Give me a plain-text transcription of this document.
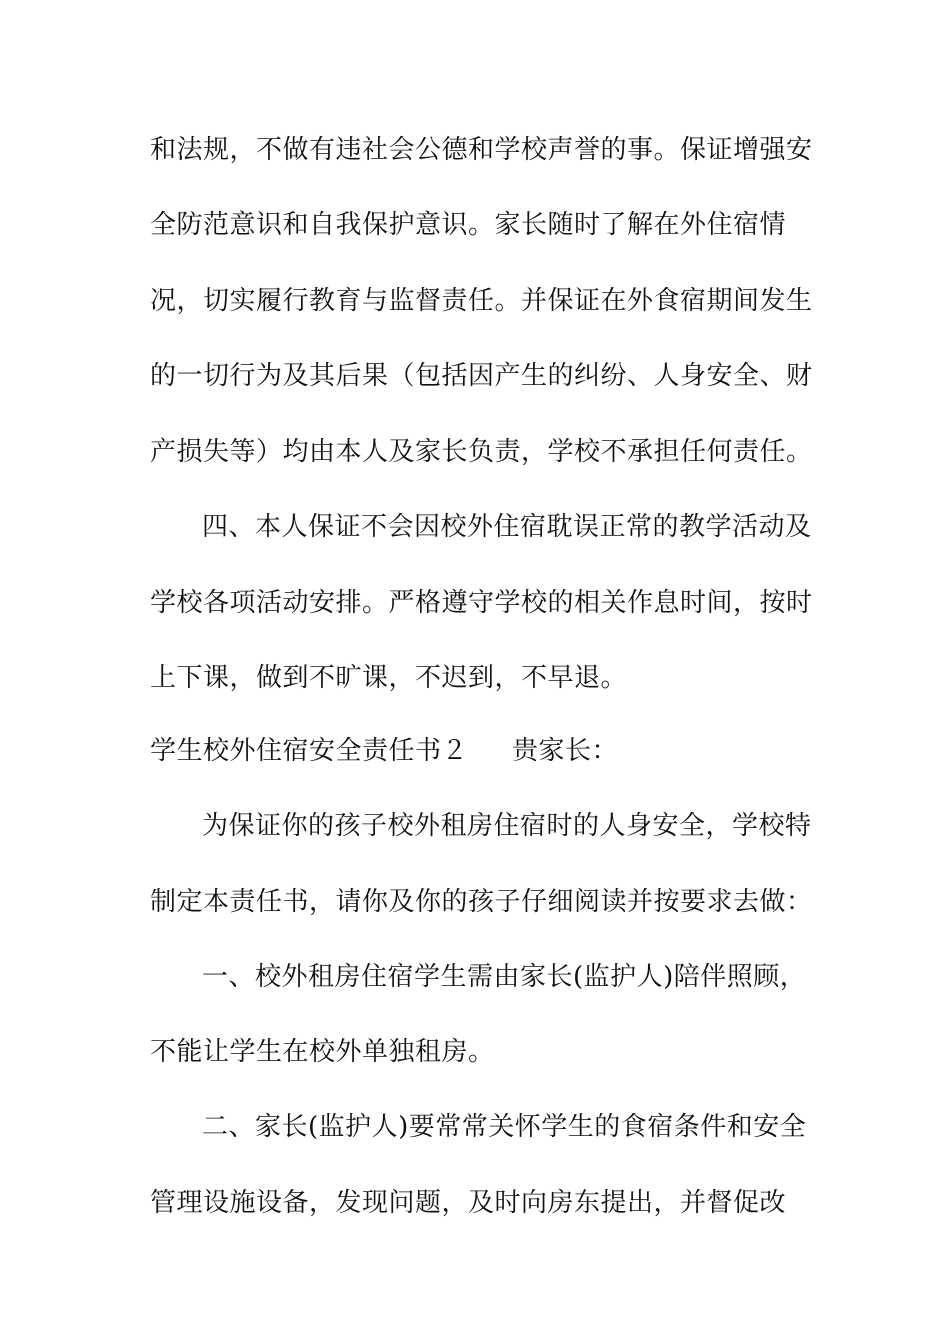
和法规，不做有违社会公德和学校声誉的事。保证增强安
全防范意识和自我保护意识。家长随时了解在外住宿情
况，切实履行教育与监督责任。并保证在外食宿期间发生
的一切行为及其后果（包括因产生的纠纷、人身安全、财
产损失等）均由本人及家长负责，学校不承担任何责任。
四、本人保证不会因校外住宿耽误正常的教学活动及
学校各项活动安排。严格遵守学校的相关作息时间，按时
上下课，做到不旷课，不迟到，不早退。
学生校外住宿安全责任书２ 贵家长：
为保证你的孩子校外租房住宿时的人身安全，学校特
制定本责任书，请你及你的孩子仔细阅读并按要求去做：
一、校外租房住宿学生需由家长(监护人)陪伴照顾，
不能让学生在校外单独租房。
二、家长(监护人)要常常关怀学生的食宿条件和安全
管理设施设备，发现问题，及时向房东提出，并督促改
